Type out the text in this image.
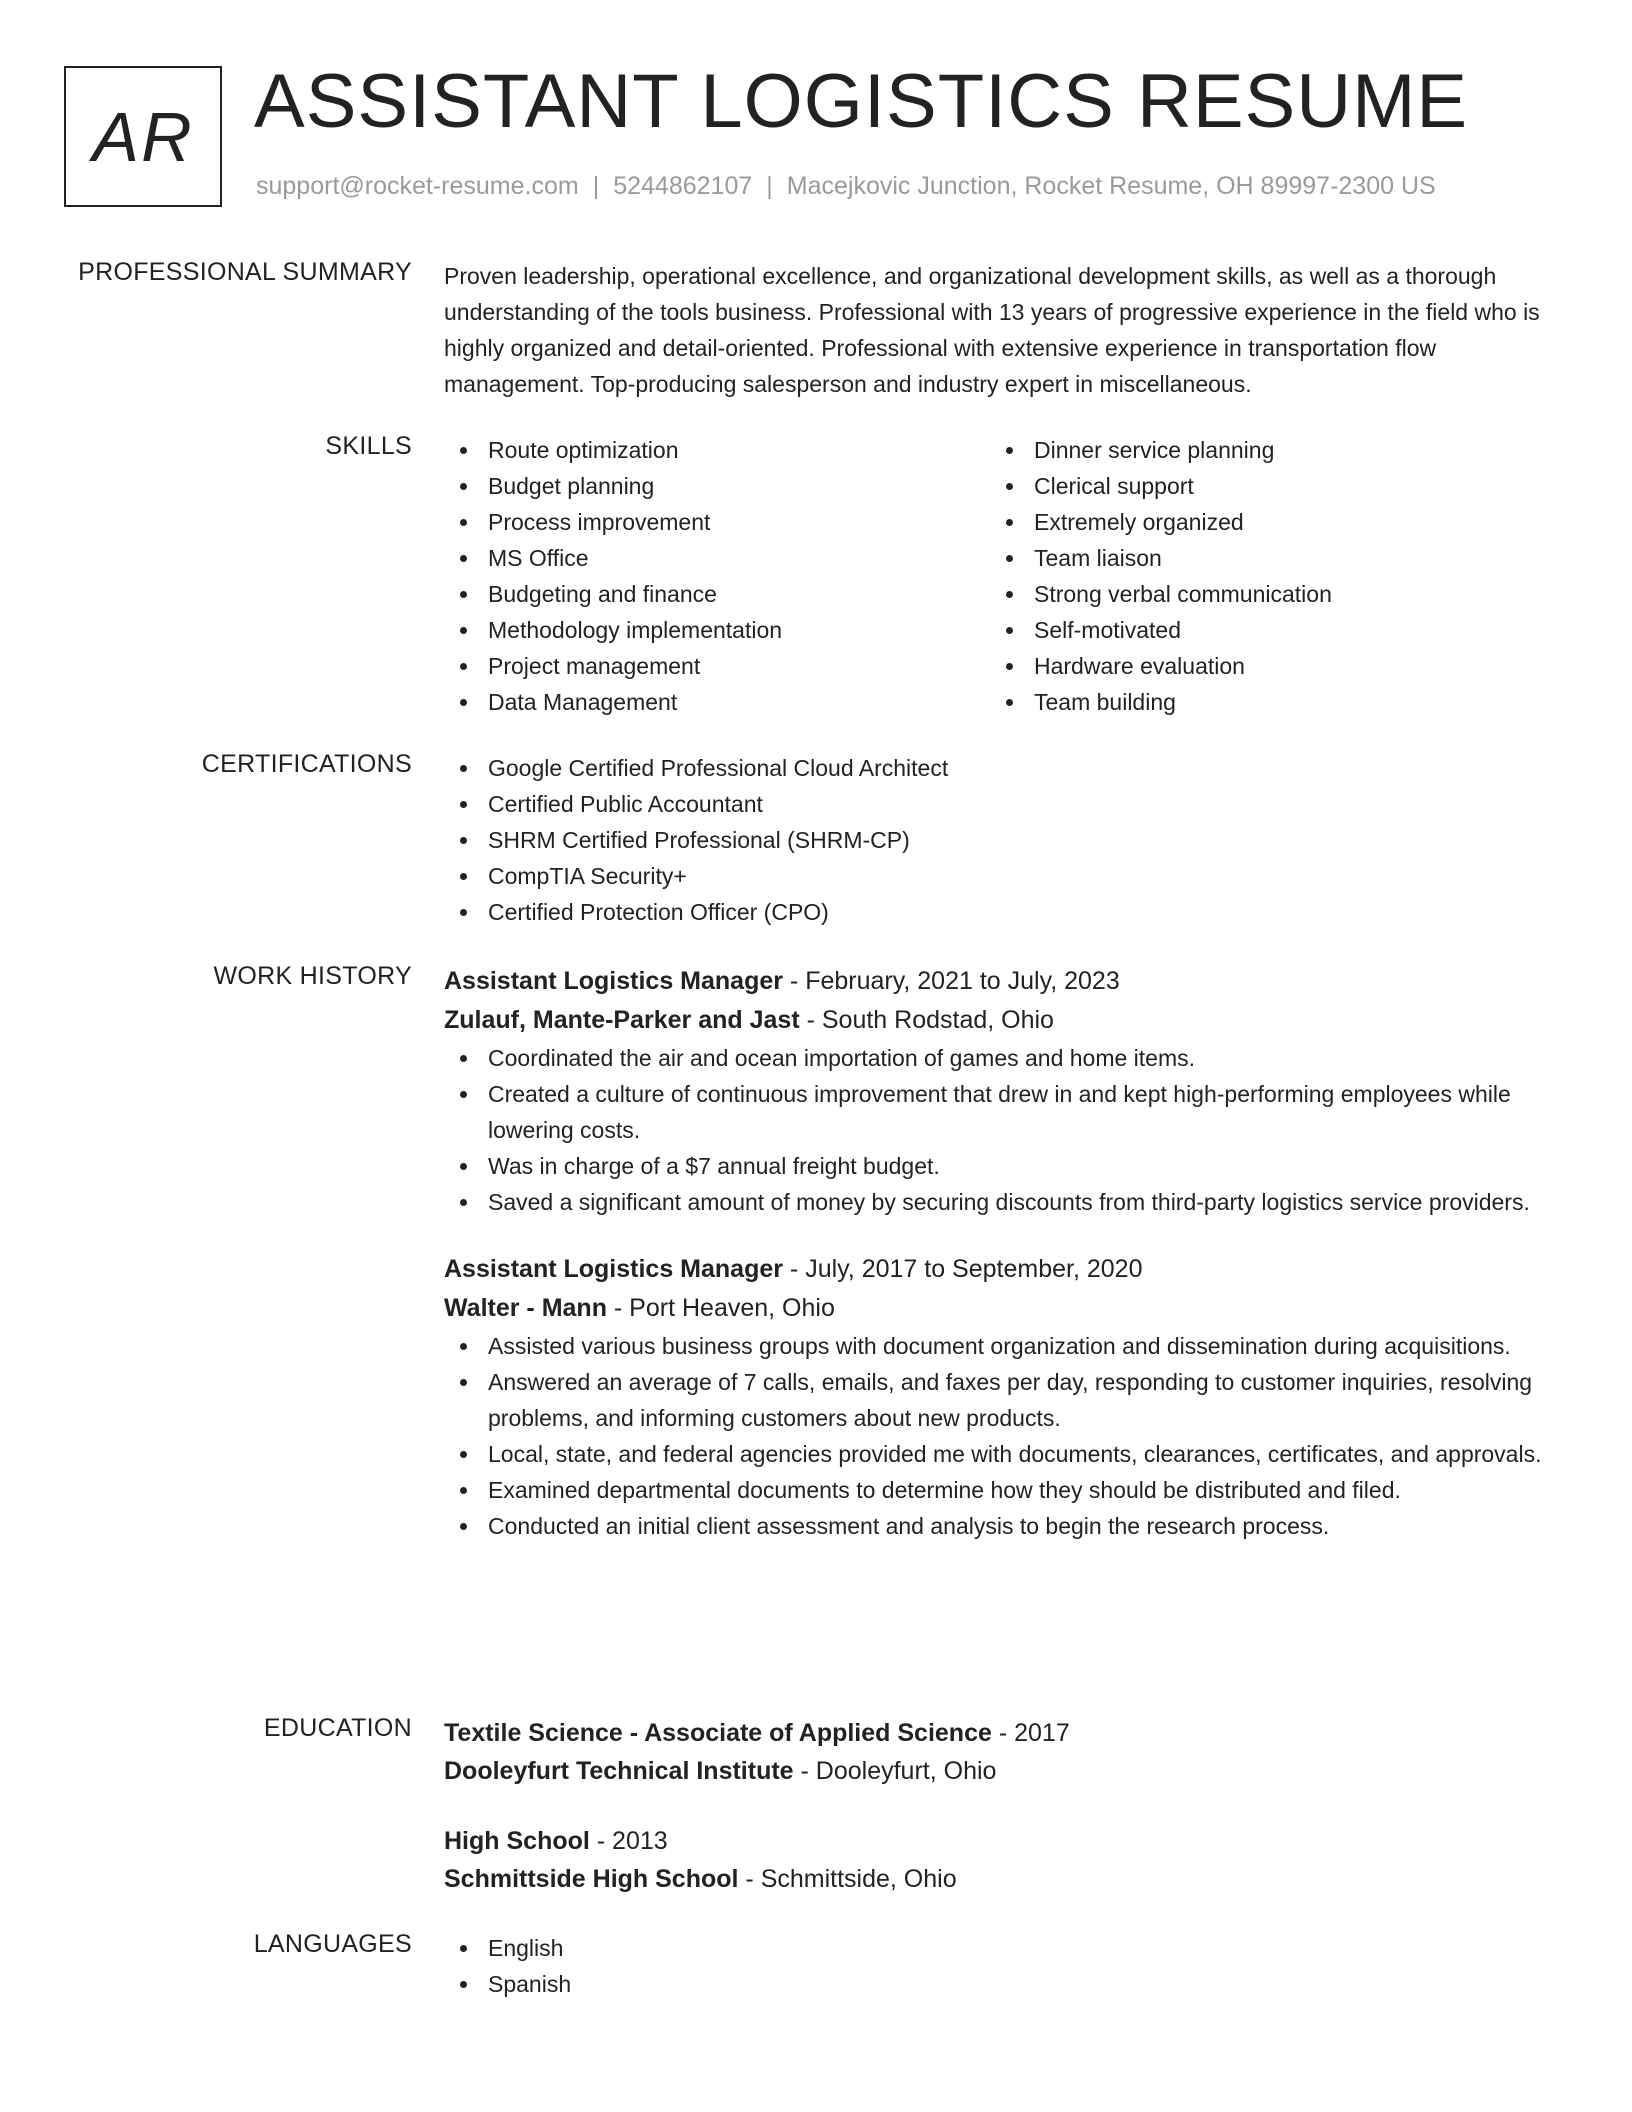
AR ASSISTANT LOGISTICS RESUME
support@rocket-resume.com | 5244862107 | Macejkovic Junction, Rocket Resume, OH 89997-2300 US
PROFESSIONAL SUMMARY Proven leadership, operational excellence, and organizational development skills, as well as a thorough understanding of the tools business. Professional with 13 years of progressive experience in the field who is highly organized and detail-oriented. Professional with extensive experience in transportation flow management. Top-producing salesperson and industry expert in miscellaneous.

SKILLS	Route optimization
Budget planning
Process improvement
MS Office
Budgeting and finance
Methodology implementation
Project management
Data Management
Dinner service planning
Clerical support
Extremely organized
Team liaison
Strong verbal communication
Self-motivated
Hardware evaluation
Team building
CERTIFICATIONS	Google Certified Professional Cloud Architect
Certified Public Accountant
SHRM Certified Professional (SHRM-CP)
CompTIA Security+
Certified Protection Officer (CPO)
WORK HISTORY Assistant Logistics Manager - February, 2021 to July, 2023
Zulauf, Mante-Parker and Jast - South Rodstad, Ohio
Coordinated the air and ocean importation of games and home items.
Created a culture of continuous improvement that drew in and kept high-performing employees while lowering costs.
Was in charge of a $7 annual freight budget.
Saved a significant amount of money by securing discounts from third-party logistics service providers.
Assistant Logistics Manager - July, 2017 to September, 2020
Walter - Mann - Port Heaven, Ohio
Assisted various business groups with document organization and dissemination during acquisitions.
Answered an average of 7 calls, emails, and faxes per day, responding to customer inquiries, resolving problems, and informing customers about new products.
Local, state, and federal agencies provided me with documents, clearances, certificates, and approvals.
Examined departmental documents to determine how they should be distributed and filed.
Conducted an initial client assessment and analysis to begin the research process.
EDUCATION Textile Science - Associate of Applied Science - 2017
Dooleyfurt Technical Institute - Dooleyfurt, Ohio
High School - 2013
Schmittside High School - Schmittside, Ohio
LANGUAGES	English
Spanish
